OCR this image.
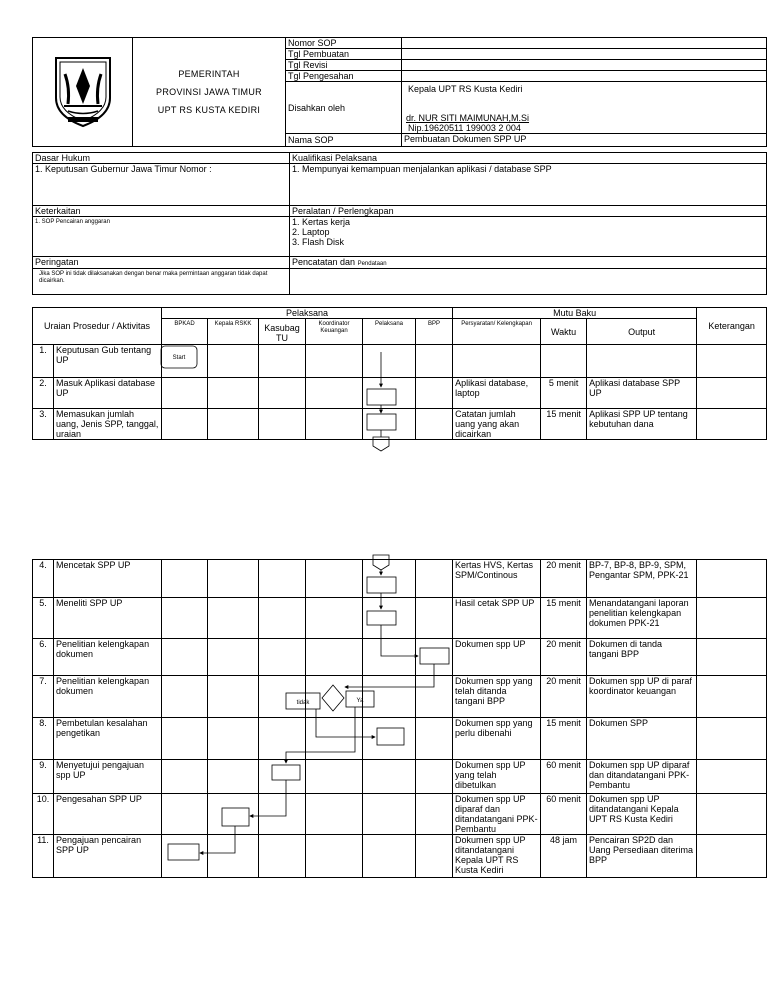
PEMERINTAH
PROVINSI JAWA TIMUR
UPT RS KUSTA KEDIRI	Nomor SOP	
		Tgl Pembuatan	
		Tgl Revisi	
		Tgl Pengesahan	
		Disahkan oleh	Kepala UPT RS Kusta Kediri
dr. NUR SITI MAIMUNAH,M.Si
Nip.19620511 199003 2 004

		Nama SOP	Pembuatan Dokumen SPP UP
Dasar Hukum	Kualifikasi Pelaksana
1. Keputusan Gubernur Jawa Timur Nomor :	1. Mempunyai kemampuan menjalankan aplikasi / database SPP
Keterkaitan	Peralatan / Perlengkapan
1. SOP Pencairan anggaran	1. Kertas kerja
2. Laptop
3. Flash Disk

Peringatan	Pencatatan dan Pendataan
Jika SOP ini tidak dilaksanakan dengan benar maka permintaan anggaran tidak dapat dicairkan.	
Uraian Prosedur / Aktivitas		Pelaksana						Mutu Baku			Keterangan
		BPKAD	Kepala RSKK	Kasubag TU	Koordinator Keuangan	Pelaksana	BPP	Persyaratan/ Kelengkapan	Waktu	Output	
1.	Keputusan Gub tentang UP										
2.	Masuk Aplikasi database UP							Aplikasi database, laptop	5 menit	Aplikasi database SPP UP	
3.	Memasukan jumlah uang, Jenis SPP, tanggal, uraian							Catatan jumlah uang yang akan dicairkan	15 menit	Aplikasi SPP UP tentang kebutuhan dana	
4.	Mencetak SPP UP							Kertas HVS, Kertas SPM/Continous	20 menit	BP-7, BP-8, BP-9, SPM, Pengantar SPM, PPK-21	
5.	Meneliti SPP UP							Hasil cetak SPP UP	15 menit	Menandatangani laporan penelitian kelengkapan dokumen PPK-21	
6.	Penelitian kelengkapan dokumen							Dokumen spp UP	20 menit	Dokumen di tanda tangani BPP	
7.	Penelitian kelengkapan dokumen							Dokumen spp yang telah ditanda tangani BPP	20 menit	Dokumen spp UP di paraf koordinator keuangan	
8.	Pembetulan kesalahan pengetikan							Dokumen spp yang perlu dibenahi	15 menit	Dokumen SPP	
9.	Menyetujui pengajuan spp UP							Dokumen spp UP yang telah dibetulkan	60 menit	Dokumen spp UP diparaf dan ditandatangani PPK-Pembantu	
10.	Pengesahan SPP UP							Dokumen spp UP diparaf dan ditandatangani PPK-Pembantu	60 menit	Dokumen spp UP ditandatangani Kepala UPT RS Kusta Kediri	
11.	Pengajuan pencairan SPP UP							Dokumen spp UP ditandatangani Kepala UPT RS Kusta Kediri	48 jam	Pencairan SP2D dan Uang Persediaan diterima BPP	
Start
tidak	Ya
